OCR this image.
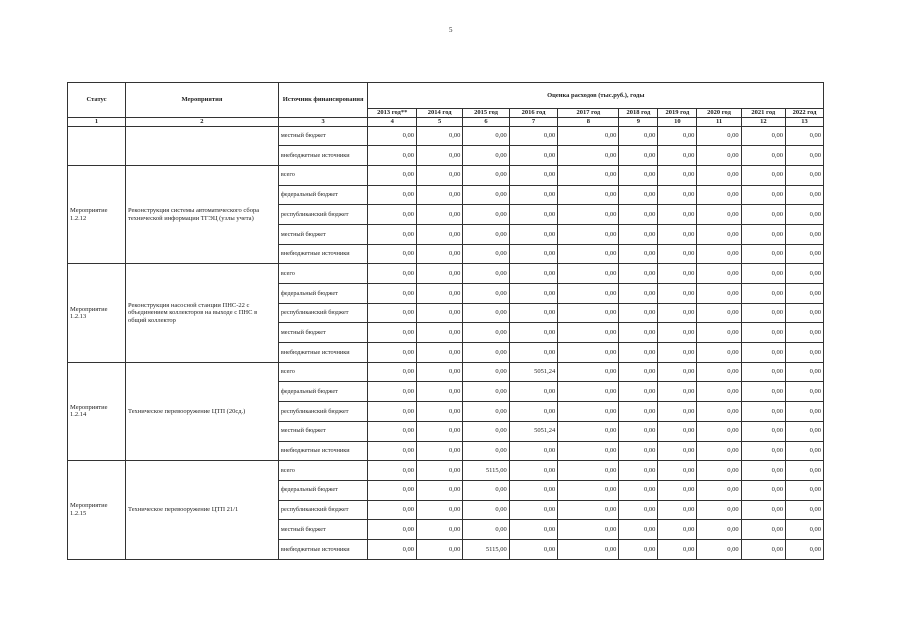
5
Статус	Мероприятия	Источник финансирования	Оценка расходов (тыс.руб.), годы									
			2013 год**	2014 год	2015 год	2016 год	2017 год	2018 год	2019 год	2020 год	2021 год	2022 год
1	2	3	4	5	6	7	8	9	10	11	12	13
		местный бюджет	0,00	0,00	0,00	0,00	0,00	0,00	0,00	0,00	0,00	0,00
		внебюджетные источники	0,00	0,00	0,00	0,00	0,00	0,00	0,00	0,00	0,00	0,00
Мероприятие 1.2.12	Реконструкция системы автоматического сбора технической информации ТГЭЦ (узлы учета)	всего	0,00	0,00	0,00	0,00	0,00	0,00	0,00	0,00	0,00	0,00
		федеральный бюджет	0,00	0,00	0,00	0,00	0,00	0,00	0,00	0,00	0,00	0,00
		республиканский бюджет	0,00	0,00	0,00	0,00	0,00	0,00	0,00	0,00	0,00	0,00
		местный бюджет	0,00	0,00	0,00	0,00	0,00	0,00	0,00	0,00	0,00	0,00
		внебюджетные источники	0,00	0,00	0,00	0,00	0,00	0,00	0,00	0,00	0,00	0,00
Мероприятие 1.2.13	Реконструкция насосной станции ПНС-22 с объединением коллекторов на выходе с ПНС в общий коллектор	всего	0,00	0,00	0,00	0,00	0,00	0,00	0,00	0,00	0,00	0,00
		федеральный бюджет	0,00	0,00	0,00	0,00	0,00	0,00	0,00	0,00	0,00	0,00
		республиканский бюджет	0,00	0,00	0,00	0,00	0,00	0,00	0,00	0,00	0,00	0,00
		местный бюджет	0,00	0,00	0,00	0,00	0,00	0,00	0,00	0,00	0,00	0,00
		внебюджетные источники	0,00	0,00	0,00	0,00	0,00	0,00	0,00	0,00	0,00	0,00
Мероприятие 1.2.14	Техническое перевооружение ЦТП (20сд.)	всего	0,00	0,00	0,00	5051,24	0,00	0,00	0,00	0,00	0,00	0,00
		федеральный бюджет	0,00	0,00	0,00	0,00	0,00	0,00	0,00	0,00	0,00	0,00
		республиканский бюджет	0,00	0,00	0,00	0,00	0,00	0,00	0,00	0,00	0,00	0,00
		местный бюджет	0,00	0,00	0,00	5051,24	0,00	0,00	0,00	0,00	0,00	0,00
		внебюджетные источники	0,00	0,00	0,00	0,00	0,00	0,00	0,00	0,00	0,00	0,00
Мероприятие 1.2.15	Техническое перевооружение ЦТП 21/1	всего	0,00	0,00	5115,00	0,00	0,00	0,00	0,00	0,00	0,00	0,00
		федеральный бюджет	0,00	0,00	0,00	0,00	0,00	0,00	0,00	0,00	0,00	0,00
		республиканский бюджет	0,00	0,00	0,00	0,00	0,00	0,00	0,00	0,00	0,00	0,00
		местный бюджет	0,00	0,00	0,00	0,00	0,00	0,00	0,00	0,00	0,00	0,00
		внебюджетные источники	0,00	0,00	5115,00	0,00	0,00	0,00	0,00	0,00	0,00	0,00
